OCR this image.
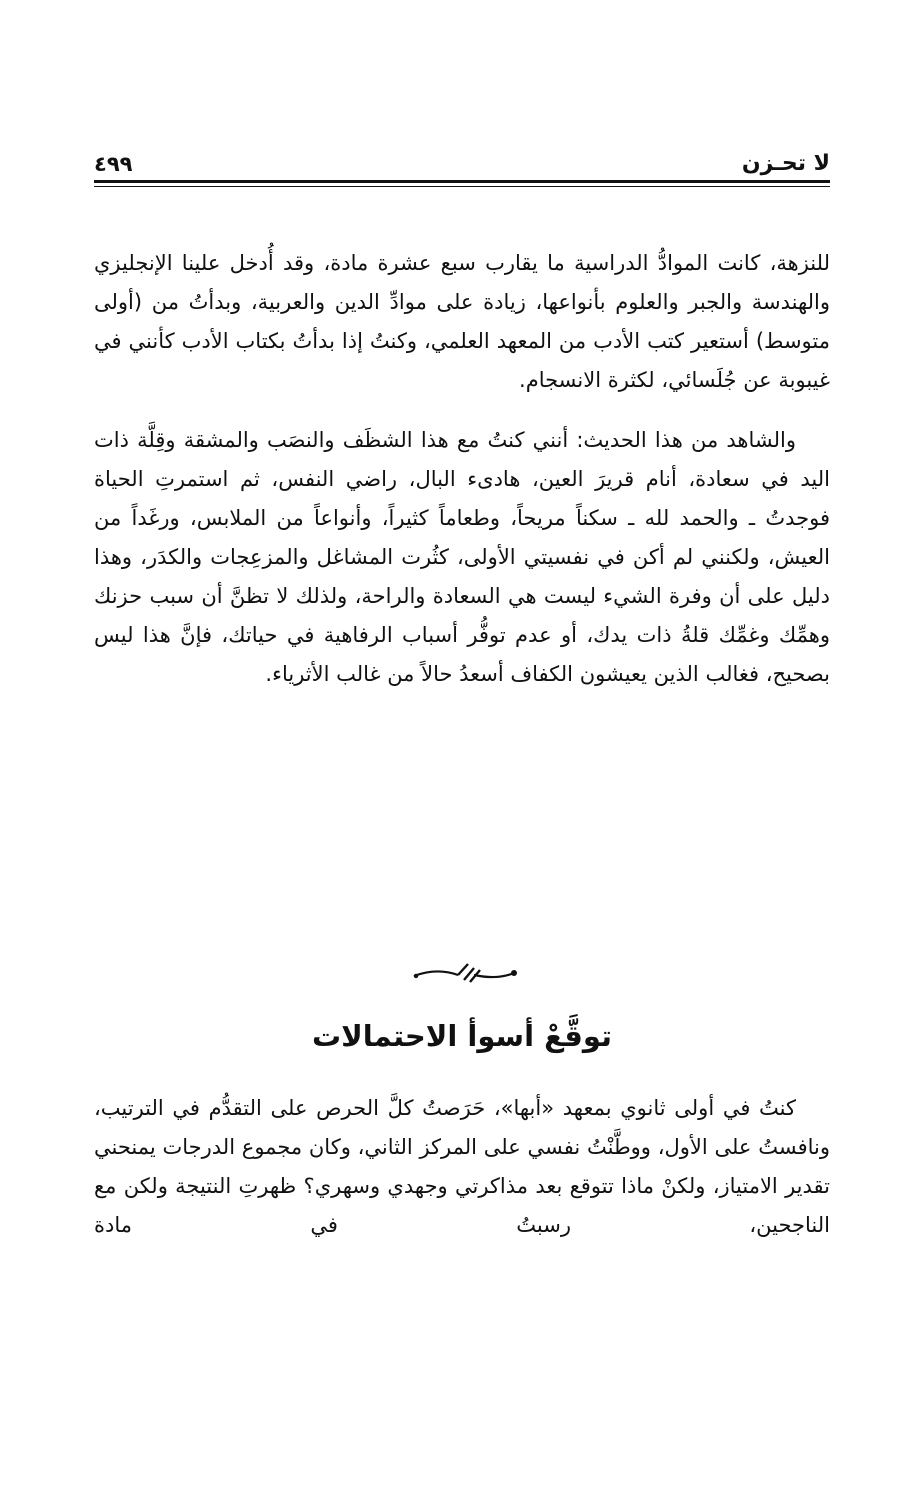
لا تحـزن
٤٩٩

للنزهة، كانت الموادُّ الدراسية ما يقارب سبع عشرة مادة، وقد أُدخل علينا الإنجليزي والهندسة والجبر والعلوم بأنواعها، زيادة على موادِّ الدين والعربية، وبدأتُ من (أولى متوسط) أستعير كتب الأدب من المعهد العلمي، وكنتُ إذا بدأتُ بكتاب الأدب كأنني في غيبوبة عن جُلَسائي، لكثرة الانسجام.

والشاهد من هذا الحديث: أنني كنتُ مع هذا الشظَف والنصَب والمشقة وقِلَّة ذات اليد في سعادة، أنام قريرَ العين، هادىء البال، راضي النفس، ثم استمرتِ الحياة فوجدتُ ـ والحمد لله ـ سكناً مريحاً، وطعاماً كثيراً، وأنواعاً من الملابس، ورغَداً من العيش، ولكنني لم أكن في نفسيتي الأولى، كثُرت المشاغل والمزعِجات والكدَر، وهذا دليل على أن وفرة الشيء ليست هي السعادة والراحة، ولذلك لا تظنَّ أن سبب حزنك وهمِّك وغمِّك قلةُ ذات يدك، أو عدم توفُّر أسباب الرفاهية في حياتك، فإنَّ هذا ليس بصحيح، فغالب الذين يعيشون الكفاف أسعدُ حالاً من غالب الأثرياء.

توقَّعْ أسوأ الاحتمالات

كنتُ في أولى ثانوي بمعهد «أبها»، حَرَصتُ كلَّ الحرص على التقدُّم في الترتيب، ونافستُ على الأول، ووطَّنْتُ نفسي على المركز الثاني، وكان مجموع الدرجات يمنحني تقدير الامتياز، ولكنْ ماذا تتوقع بعد مذاكرتي وجهدي وسهري؟ ظهرتِ النتيجة ولكن مع الناجحين، رسبتُ في مادة
